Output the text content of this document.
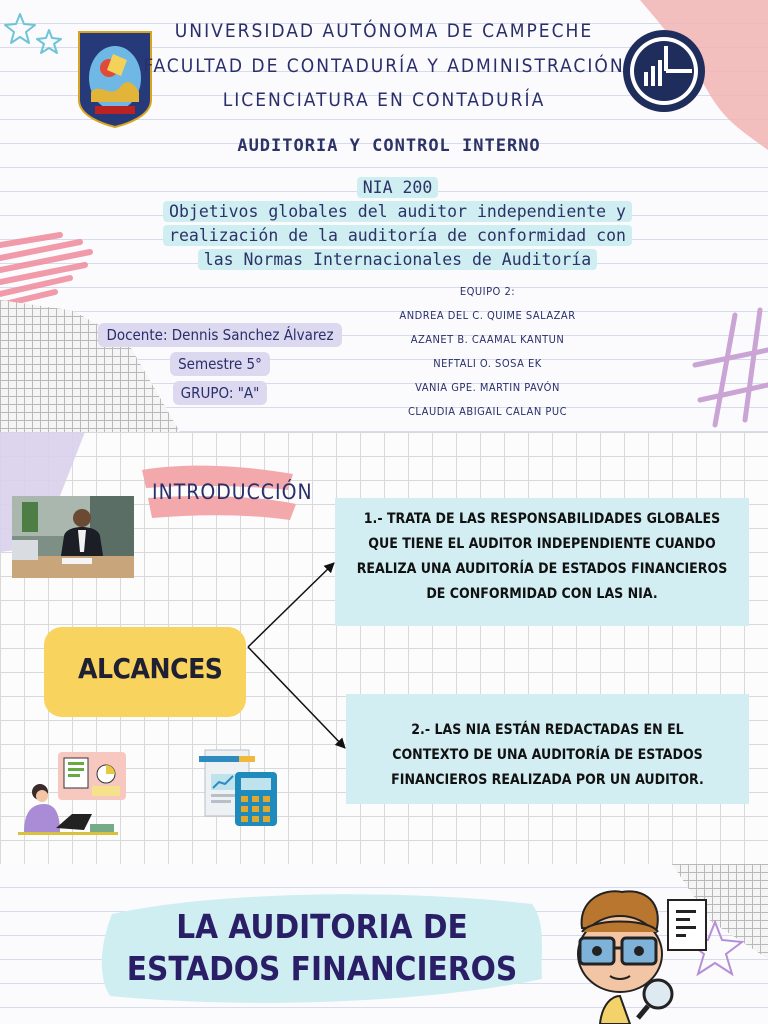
UNIVERSIDAD AUTÓNOMA DE CAMPECHE
FACULTAD DE CONTADURÍA Y ADMINISTRACIÓN
LICENCIATURA EN CONTADURÍA
AUDITORIA Y CONTROL INTERNO
NIA 200
Objetivos globales del auditor independiente y
realización de la auditoría de conformidad con
las Normas Internacionales de Auditoría
Docente: Dennis Sanchez Álvarez
Semestre 5°
GRUPO: "A"
EQUIPO 2:
ANDREA DEL C. QUIME SALAZAR
AZANET B. CAAMAL KANTUN
NEFTALI O. SOSA EK
VANIA GPE. MARTIN PAVÓN
CLAUDIA ABIGAIL CALAN PUC
INTRODUCCIÓN
ALCANCES
1.- TRATA DE LAS RESPONSABILIDADES GLOBALES
QUE TIENE EL AUDITOR INDEPENDIENTE CUANDO
REALIZA UNA AUDITORÍA DE ESTADOS FINANCIEROS
DE CONFORMIDAD CON LAS NIA.
2.- LAS NIA ESTÁN REDACTADAS EN EL
CONTEXTO DE UNA AUDITORÍA DE ESTADOS
FINANCIEROS REALIZADA POR UN AUDITOR.
LA AUDITORIA DE
ESTADOS FINANCIEROS
